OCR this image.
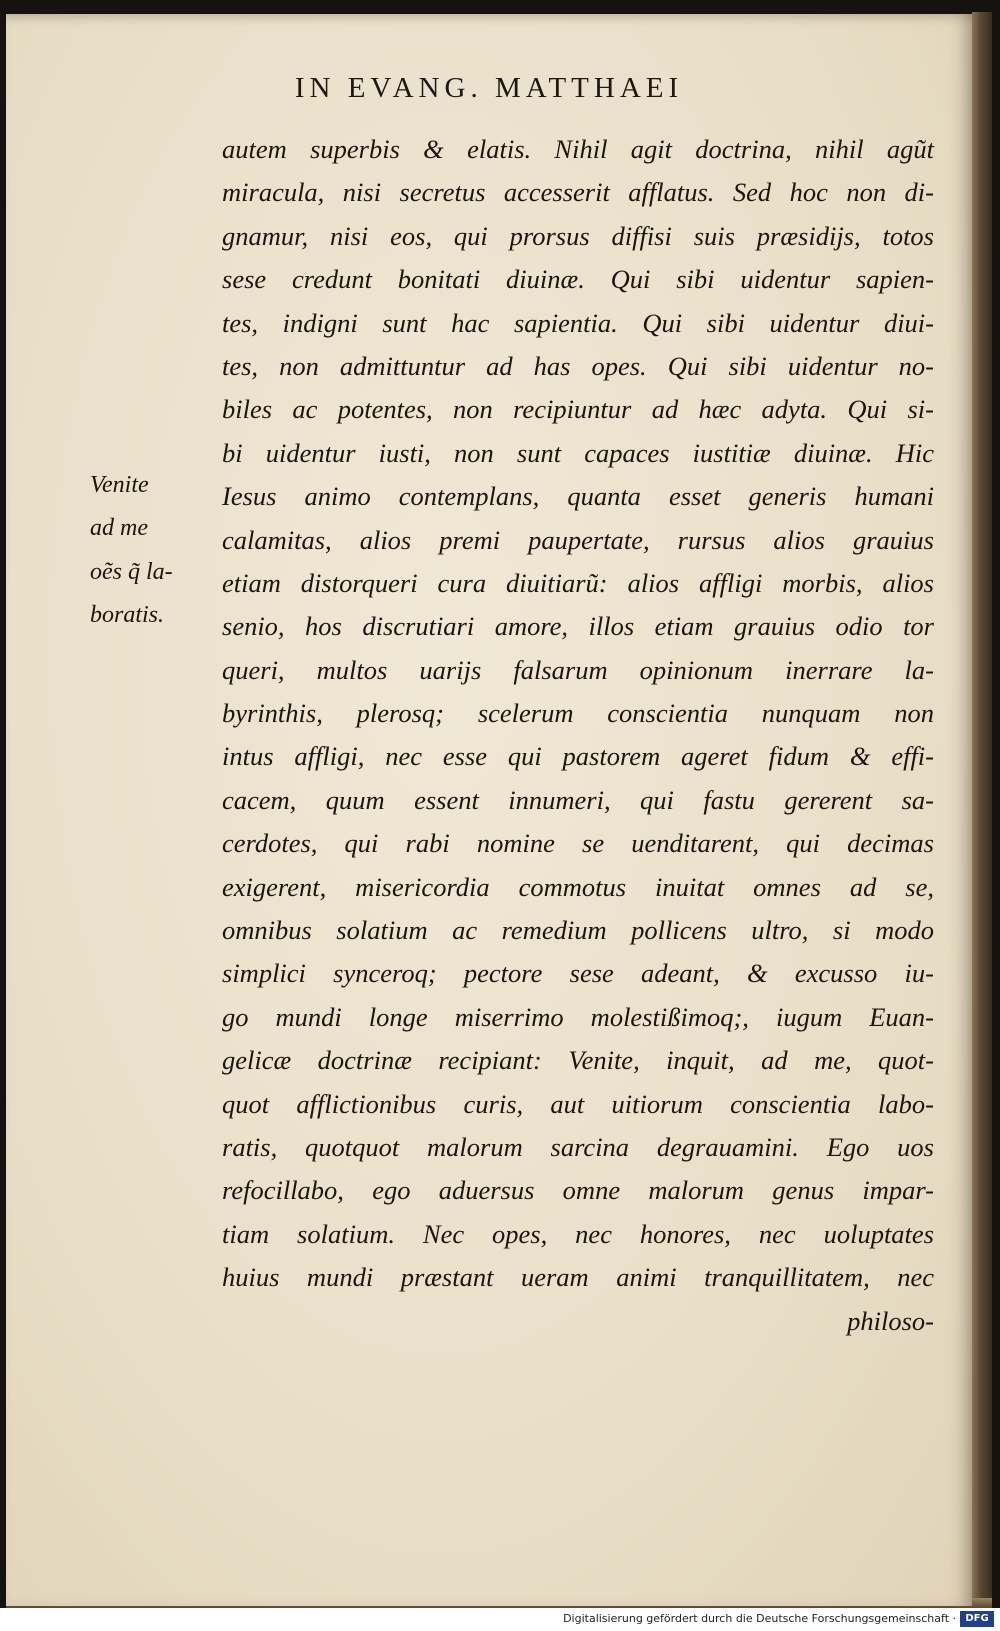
IN EVANG. MATTHAEI
Venite
ad me
oẽs q̃ la-
boratis.
autem superbis & elatis. Nihil agit doctrina, nihil agũt
miracula, nisi secretus accesserit afflatus. Sed hoc non di-
gnamur, nisi eos, qui prorsus diffisi suis præsidijs, totos
sese credunt bonitati diuinæ. Qui sibi uidentur sapien-
tes, indigni sunt hac sapientia. Qui sibi uidentur diui-
tes, non admittuntur ad has opes. Qui sibi uidentur no-
biles ac potentes, non recipiuntur ad hæc adyta. Qui si-
bi uidentur iusti, non sunt capaces iustitiæ diuinæ. Hic
Iesus animo contemplans, quanta esset generis humani
calamitas, alios premi paupertate, rursus alios grauius
etiam distorqueri cura diuitiarũ: alios affligi morbis, alios
senio, hos discrutiari amore, illos etiam grauius odio tor
queri, multos uarijs falsarum opinionum inerrare la-
byrinthis, plerosq; scelerum conscientia nunquam non
intus affligi, nec esse qui pastorem ageret fidum & effi-
cacem, quum essent innumeri, qui fastu gererent sa-
cerdotes, qui rabi nomine se uenditarent, qui decimas
exigerent, misericordia commotus inuitat omnes ad se,
omnibus solatium ac remedium pollicens ultro, si modo
simplici synceroq; pectore sese adeant, & excusso iu-
go mundi longe miserrimo molestißimoq;, iugum Euan-
gelicæ doctrinæ recipiant: Venite, inquit, ad me, quot-
quot afflictionibus curis, aut uitiorum conscientia labo-
ratis, quotquot malorum sarcina degrauamini. Ego uos
refocillabo, ego aduersus omne malorum genus impar-
tiam solatium. Nec opes, nec honores, nec uoluptates
huius mundi præstant ueram animi tranquillitatem, nec
philoso-
Digitalisierung gefördert durch die Deutsche Forschungsgemeinschaft · DFG
